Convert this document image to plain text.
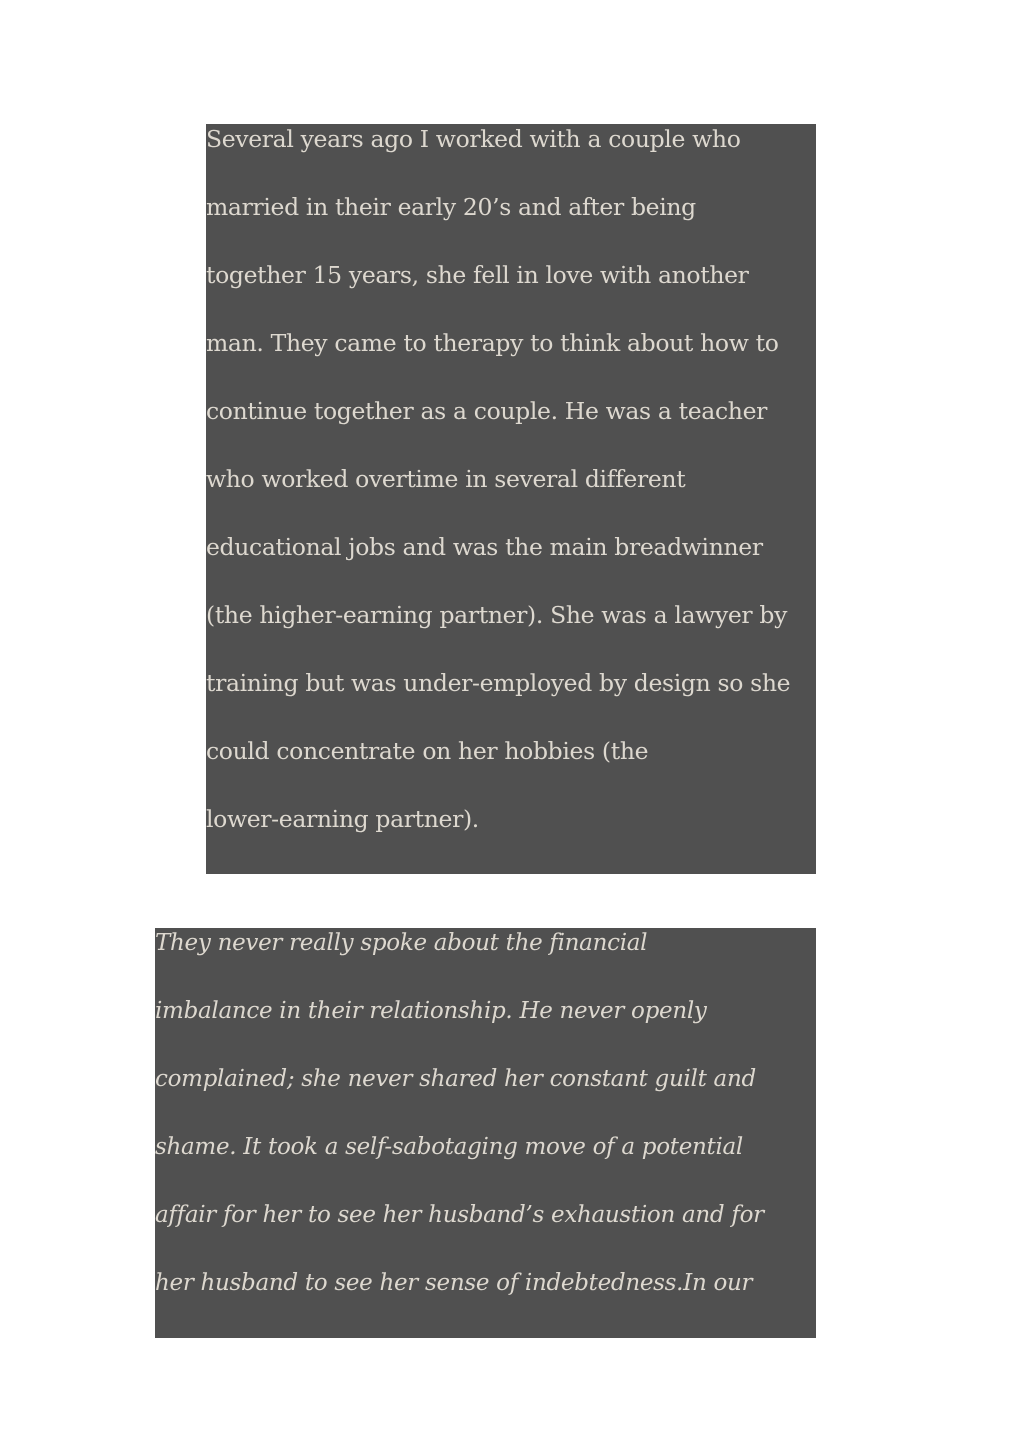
Several years ago I worked with a couple who
married in their early 20’s and after being
together 15 years, she fell in love with another
man. They came to therapy to think about how to
continue together as a couple. He was a teacher
who worked overtime in several different
educational jobs and was the main breadwinner
(the higher-earning partner). She was a lawyer by
training but was under-employed by design so she
could concentrate on her hobbies (the
lower-earning partner).
They never really spoke about the financial
imbalance in their relationship. He never openly
complained; she never shared her constant guilt and
shame. It took a self-sabotaging move of a potential
affair for her to see her husband’s exhaustion and for
her husband to see her sense of indebtedness.In our
